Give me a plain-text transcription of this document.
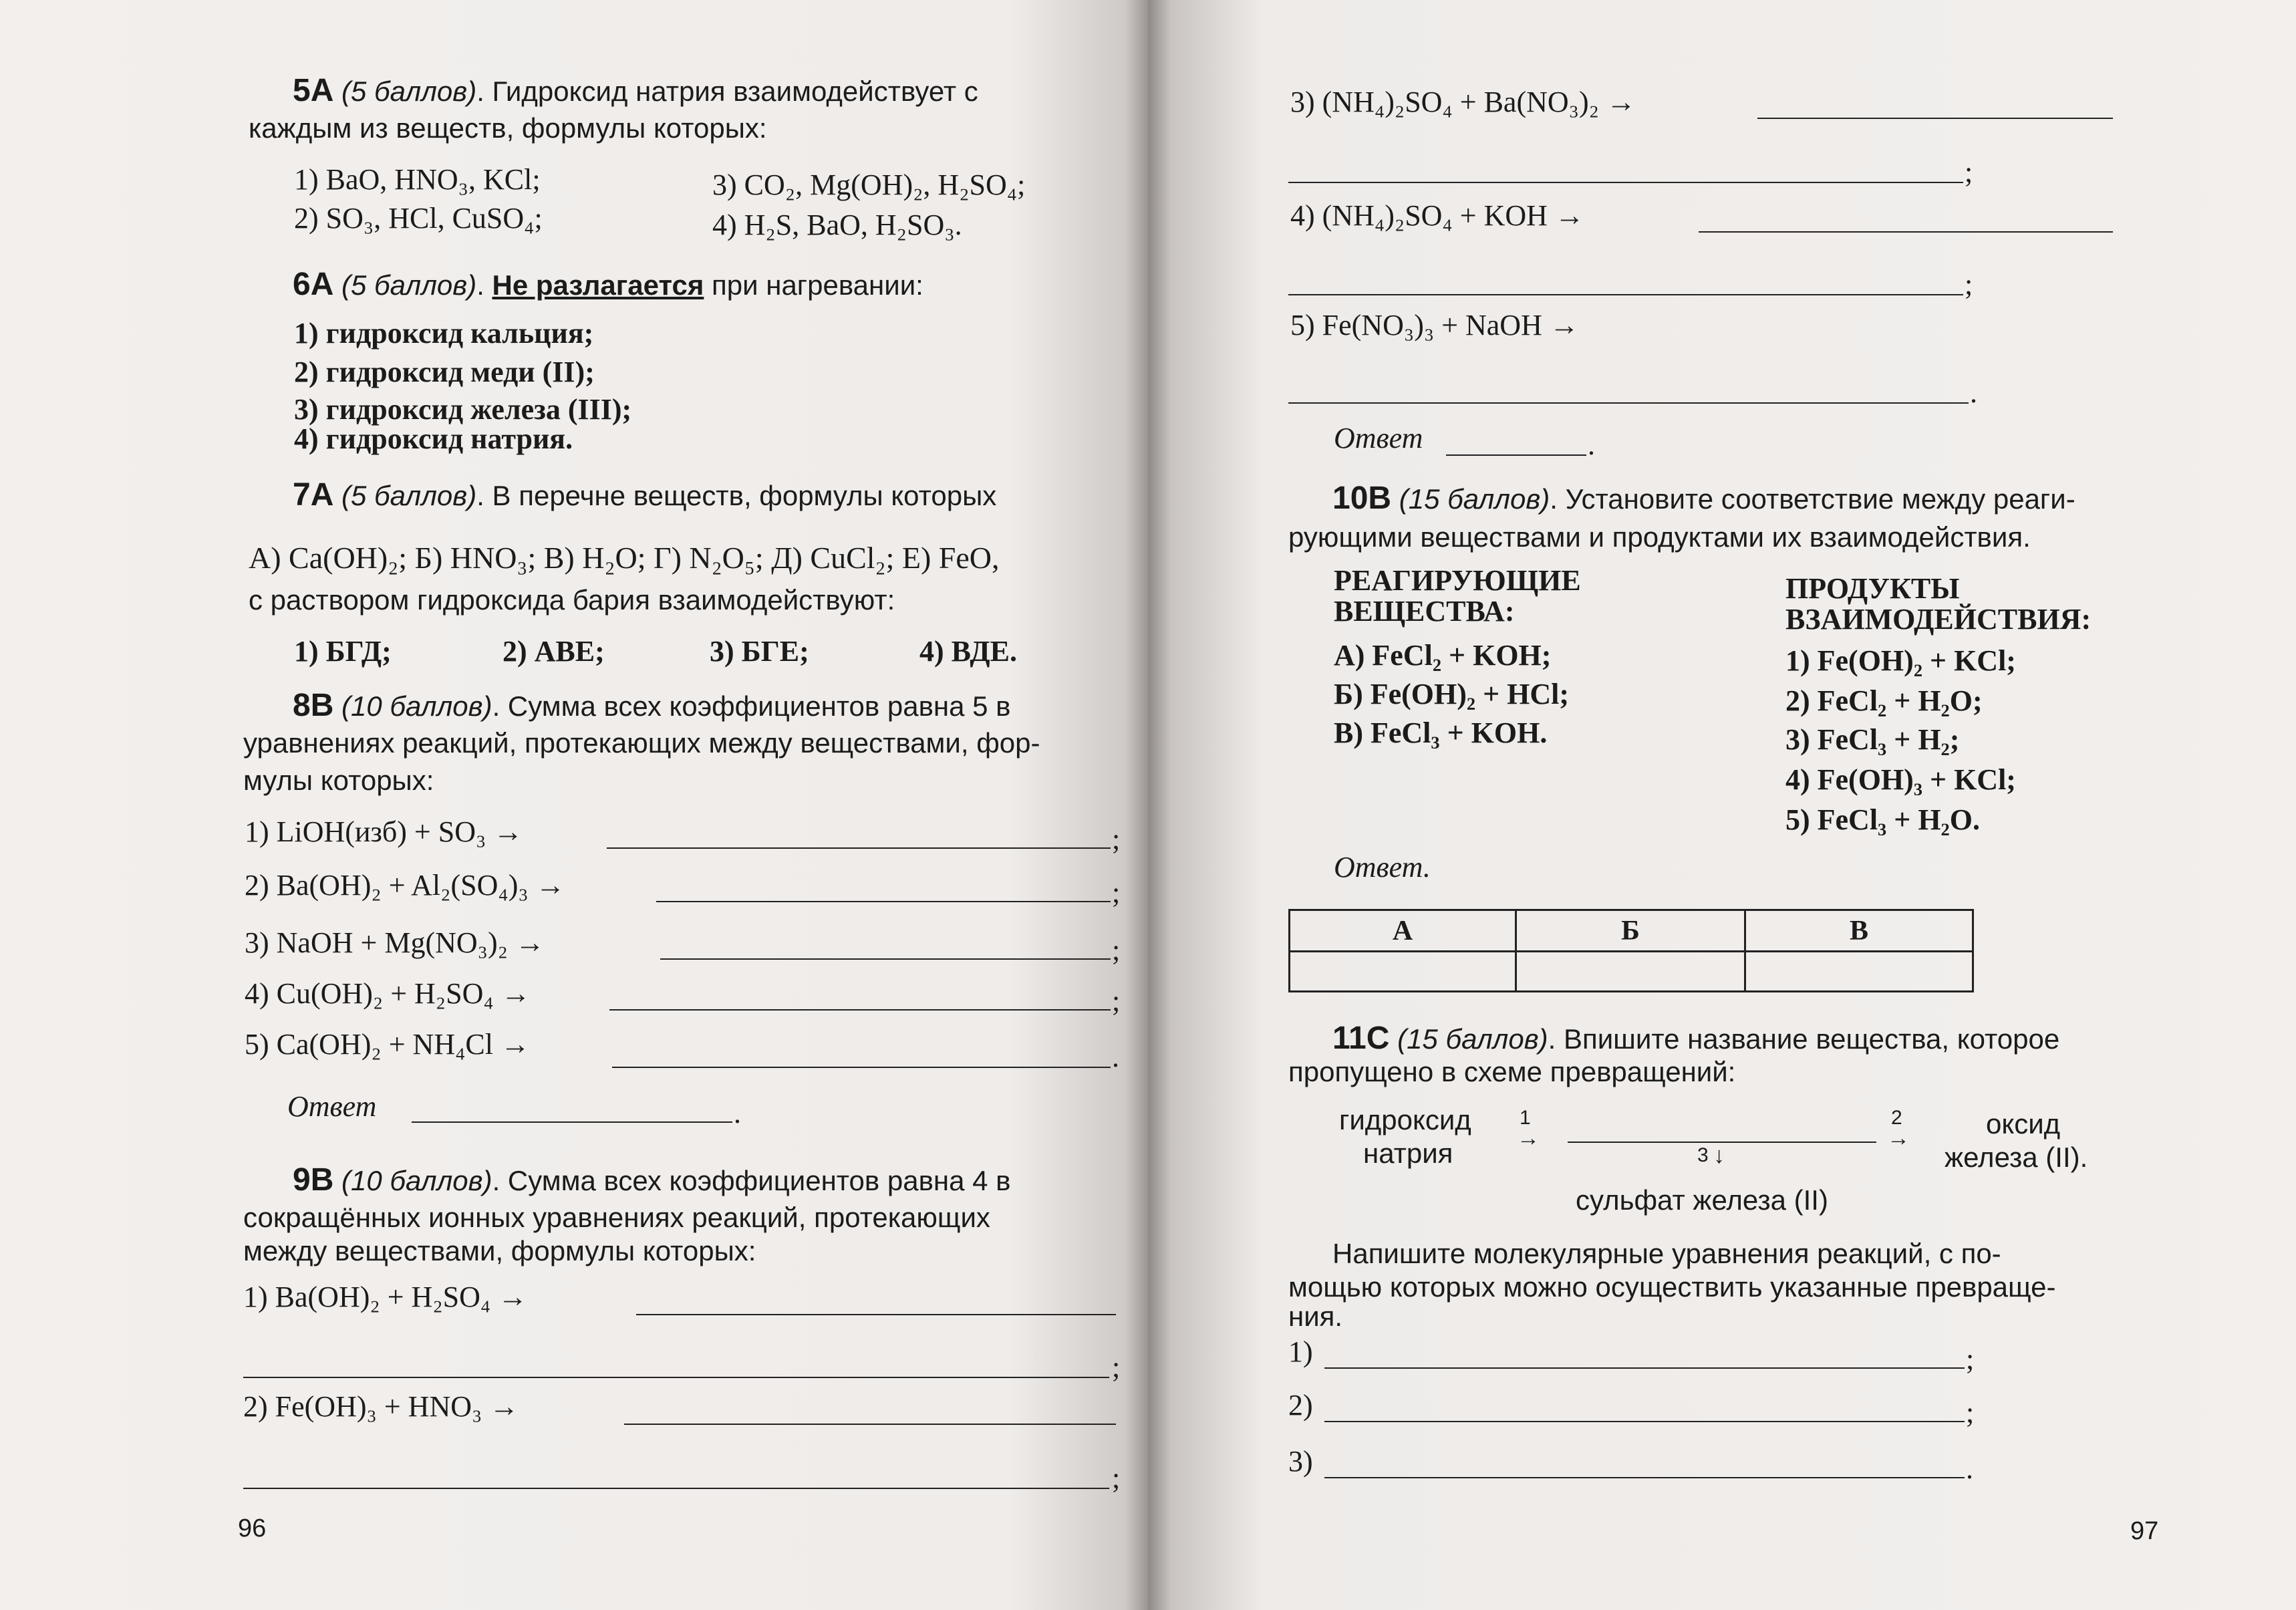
5А (5 баллов). Гидроксид натрия взаимодействует с
каждым из веществ, формулы которых:
1) BaO, HNO₃, KCl;
2) SO₃, HCl, CuSO₄;
3) CO₂, Mg(OH)₂, H₂SO₄;
4) H₂S, BaO, H₂SO₃.
6А (5 баллов). Не разлагается при нагревании:
1) гидроксид кальция;
2) гидроксид меди (II);
3) гидроксид железа (III);
4) гидроксид натрия.
7А (5 баллов). В перечне веществ, формулы которых
А) Ca(OH)₂; Б) HNO₃; В) H₂O; Г) N₂O₅; Д) CuCl₂; Е) FeO,
с раствором гидроксида бария взаимодействуют:
1) БГД;	2) АВЕ;	3) БГЕ;	4) ВДЕ.
8В (10 баллов). Сумма всех коэффициентов равна 5 в
уравнениях реакций, протекающих между веществами, фор-
мулы которых:
1) LiOH(изб) + SO₃ →	;
2) Ba(OH)₂ + Al₂(SO₄)₃ →	;
3) NaOH + Mg(NO₃)₂ →	;
4) Cu(OH)₂ + H₂SO₄ →	;
5) Ca(OH)₂ + NH₄Cl →	.
Ответ	.
9В (10 баллов). Сумма всех коэффициентов равна 4 в
сокращённых ионных уравнениях реакций, протекающих
между веществами, формулы которых:
1) Ba(OH)₂ + H₂SO₄ →
;
2) Fe(OH)₃ + HNO₃ →
;
96
3) (NH₄)₂SO₄ + Ba(NO₃)₂ →
;
4) (NH₄)₂SO₄ + KOH →
;
5) Fe(NO₃)₃ + NaOH →
.
Ответ	.
10В (15 баллов). Установите соответствие между реаги-
рующими веществами и продуктами их взаимодействия.
РЕАГИРУЮЩИЕ
ВЕЩЕСТВА:
А) FeCl₂ + KOH;
Б) Fe(OH)₂ + HCl;
В) FeCl₃ + KOH.
ПРОДУКТЫ
ВЗАИМОДЕЙСТВИЯ:
1) Fe(OH)₂ + KCl;
2) FeCl₂ + H₂O;
3) FeCl₃ + H₂;
4) Fe(OH)₃ + KCl;
5) FeCl₃ + H₂O.
Ответ.
А	Б	В

11С (15 баллов). Впишите название вещества, которое
пропущено в схеме превращений:
гидроксид
натрия
1
→
2
→	оксид
железа (II).
3 ↓
сульфат железа (II)
Напишите молекулярные уравнения реакций, с по-
мощью которых можно осуществить указанные превраще-
ния.
1)	;
2)	;
3)	.
97
